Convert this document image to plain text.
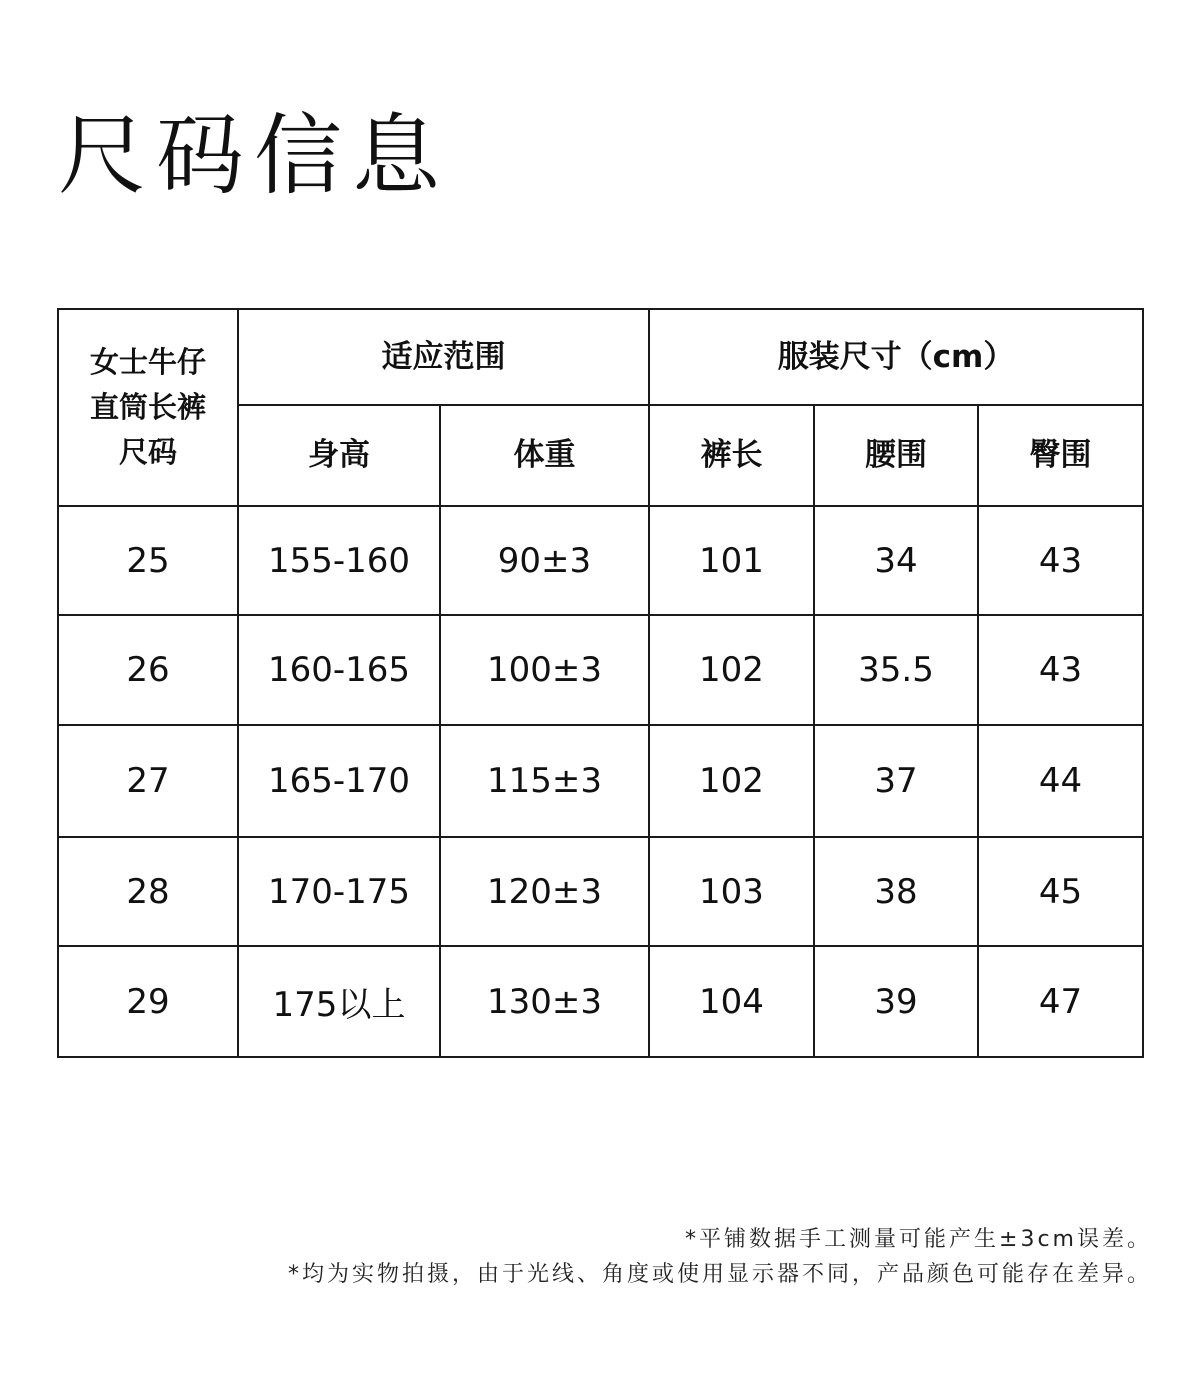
尺码信息
女士牛仔直筒长裤尺码	适应范围		服装尺寸（cm）		
	身高	体重	裤长	腰围	臀围
25	155-160	90±3	101	34	43
26	160-165	100±3	102	35.5	43
27	165-170	115±3	102	37	44
28	170-175	120±3	103	38	45
29	175以上	130±3	104	39	47
*平铺数据手工测量可能产生±3cm误差。
*均为实物拍摄，由于光线、角度或使用显示器不同，产品颜色可能存在差异。
